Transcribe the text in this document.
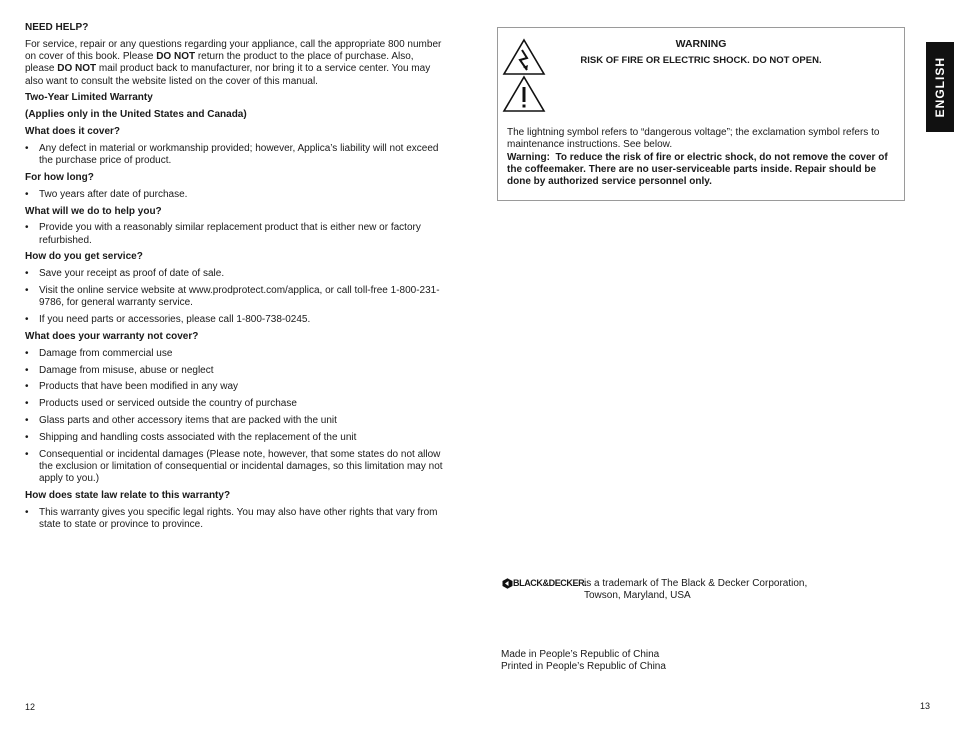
NEED HELP?
For service, repair or any questions regarding your appliance, call the appropriate 800 number on cover of this book. Please DO NOT return the product to the place of purchase. Also, please DO NOT mail product back to manufacturer, nor bring it to a service center. You may also want to consult the website listed on the cover of this manual.
Two-Year Limited Warranty
(Applies only in the United States and Canada)
What does it cover?
• Any defect in material or workmanship provided; however, Applica’s liability will not exceed the purchase price of product.
For how long?
• Two years after date of purchase.
What will we do to help you?
• Provide you with a reasonably similar replacement product that is either new or factory refurbished.
How do you get service?
• Save your receipt as proof of date of sale.
• Visit the online service website at www.prodprotect.com/applica, or call toll-free 1-800-231-9786, for general warranty service.
• If you need parts or accessories, please call 1-800-738-0245.
What does your warranty not cover?
• Damage from commercial use
• Damage from misuse, abuse or neglect
• Products that have been modified in any way
• Products used or serviced outside the country of purchase
• Glass parts and other accessory items that are packed with the unit
• Shipping and handling costs associated with the replacement of the unit
• Consequential or incidental damages (Please note, however, that some states do not allow the exclusion or limitation of consequential or incidental damages, so this limitation may not apply to you.)
How does state law relate to this warranty?
• This warranty gives you specific legal rights. You may also have other rights that vary from state to state or province to province.
12
WARNING
RISK OF FIRE OR ELECTRIC SHOCK. DO NOT OPEN.

The lightning symbol refers to “dangerous voltage”; the exclamation symbol refers to maintenance instructions. See below.

Warning: To reduce the risk of fire or electric shock, do not remove the cover of the coffeemaker. There are no user-serviceable parts inside. Repair should be done by authorized service personnel only.

ENGLISH
BLACK&DECKER.
is a trademark of The Black & Decker Corporation,
Towson, Maryland, USA

Made in People’s Republic of China

Printed in People’s Republic of China

13
